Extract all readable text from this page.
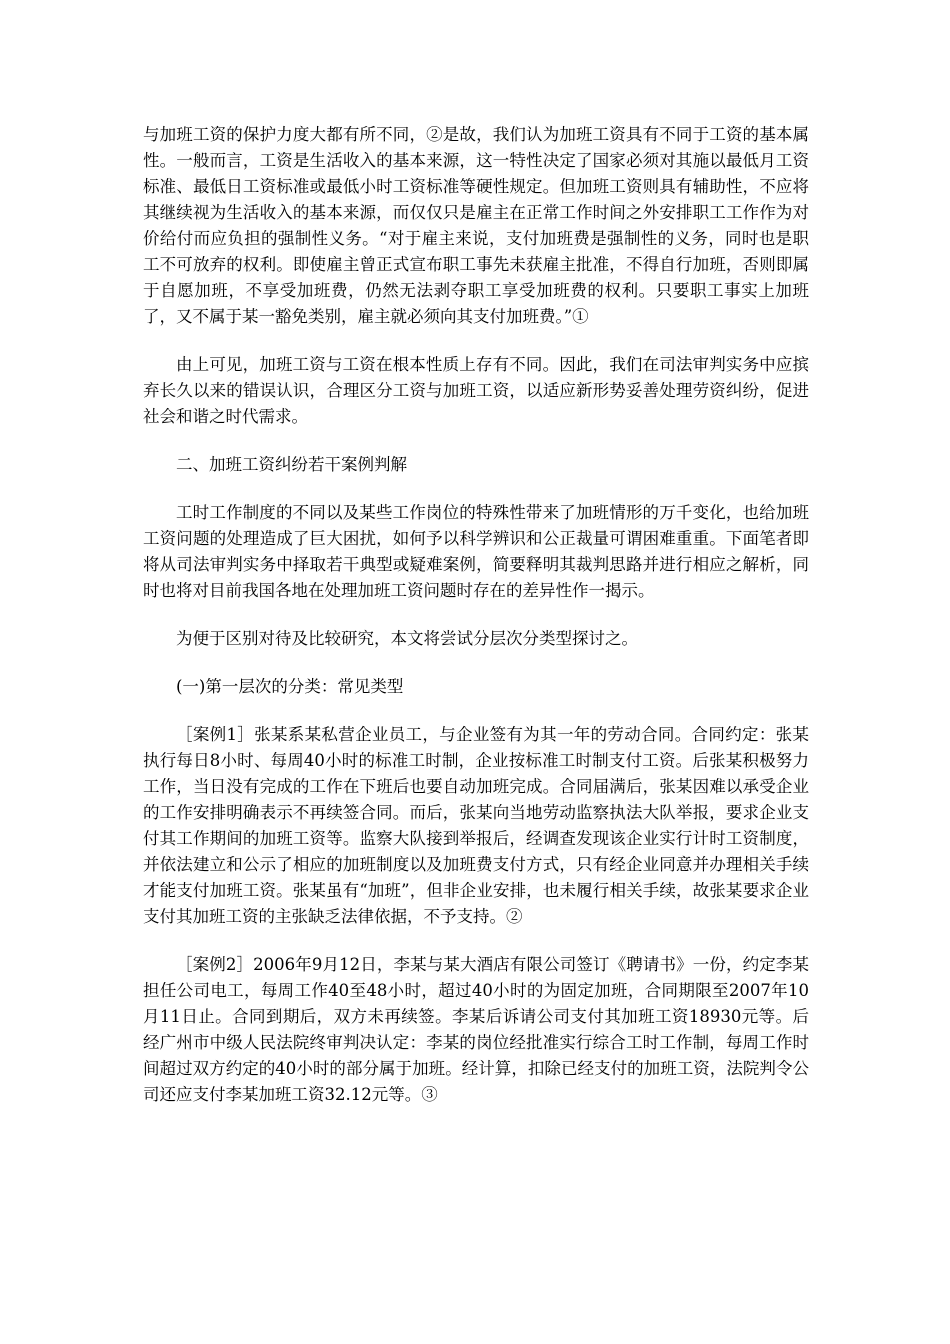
与加班工资的保护力度大都有所不同，②是故，我们认为加班工资具有不同于工资的基本属性。一般而言，工资是生活收入的基本来源，这一特性决定了国家必须对其施以最低月工资标准、最低日工资标准或最低小时工资标准等硬性规定。但加班工资则具有辅助性，不应将其继续视为生活收入的基本来源，而仅仅只是雇主在正常工作时间之外安排职工工作作为对价给付而应负担的强制性义务。“对于雇主来说，支付加班费是强制性的义务，同时也是职工不可放弃的权利。即使雇主曾正式宣布职工事先未获雇主批准，不得自行加班，否则即属于自愿加班，不享受加班费，仍然无法剥夺职工享受加班费的权利。只要职工事实上加班了，又不属于某一豁免类别，雇主就必须向其支付加班费。”①

由上可见，加班工资与工资在根本性质上存有不同。因此，我们在司法审判实务中应摈弃长久以来的错误认识，合理区分工资与加班工资，以适应新形势妥善处理劳资纠纷，促进社会和谐之时代需求。

二、加班工资纠纷若干案例判解

工时工作制度的不同以及某些工作岗位的特殊性带来了加班情形的万千变化，也给加班工资问题的处理造成了巨大困扰，如何予以科学辨识和公正裁量可谓困难重重。下面笔者即将从司法审判实务中择取若干典型或疑难案例，简要释明其裁判思路并进行相应之解析，同时也将对目前我国各地在处理加班工资问题时存在的差异性作一揭示。

为便于区别对待及比较研究，本文将尝试分层次分类型探讨之。

(一)第一层次的分类：常见类型

［案例1］张某系某私营企业员工，与企业签有为其一年的劳动合同。合同约定：张某执行每日8小时、每周40小时的标准工时制，企业按标准工时制支付工资。后张某积极努力工作，当日没有完成的工作在下班后也要自动加班完成。合同届满后，张某因难以承受企业的工作安排明确表示不再续签合同。而后，张某向当地劳动监察执法大队举报，要求企业支付其工作期间的加班工资等。监察大队接到举报后，经调查发现该企业实行计时工资制度，并依法建立和公示了相应的加班制度以及加班费支付方式，只有经企业同意并办理相关手续才能支付加班工资。张某虽有“加班”，但非企业安排，也未履行相关手续，故张某要求企业支付其加班工资的主张缺乏法律依据，不予支持。②

［案例2］2006年9月12日，李某与某大酒店有限公司签订《聘请书》一份，约定李某担任公司电工，每周工作40至48小时，超过40小时的为固定加班，合同期限至2007年10月11日止。合同到期后，双方未再续签。李某后诉请公司支付其加班工资18930元等。后经广州市中级人民法院终审判决认定：李某的岗位经批准实行综合工时工作制，每周工作时间超过双方约定的40小时的部分属于加班。经计算，扣除已经支付的加班工资，法院判令公司还应支付李某加班工资32.12元等。③
